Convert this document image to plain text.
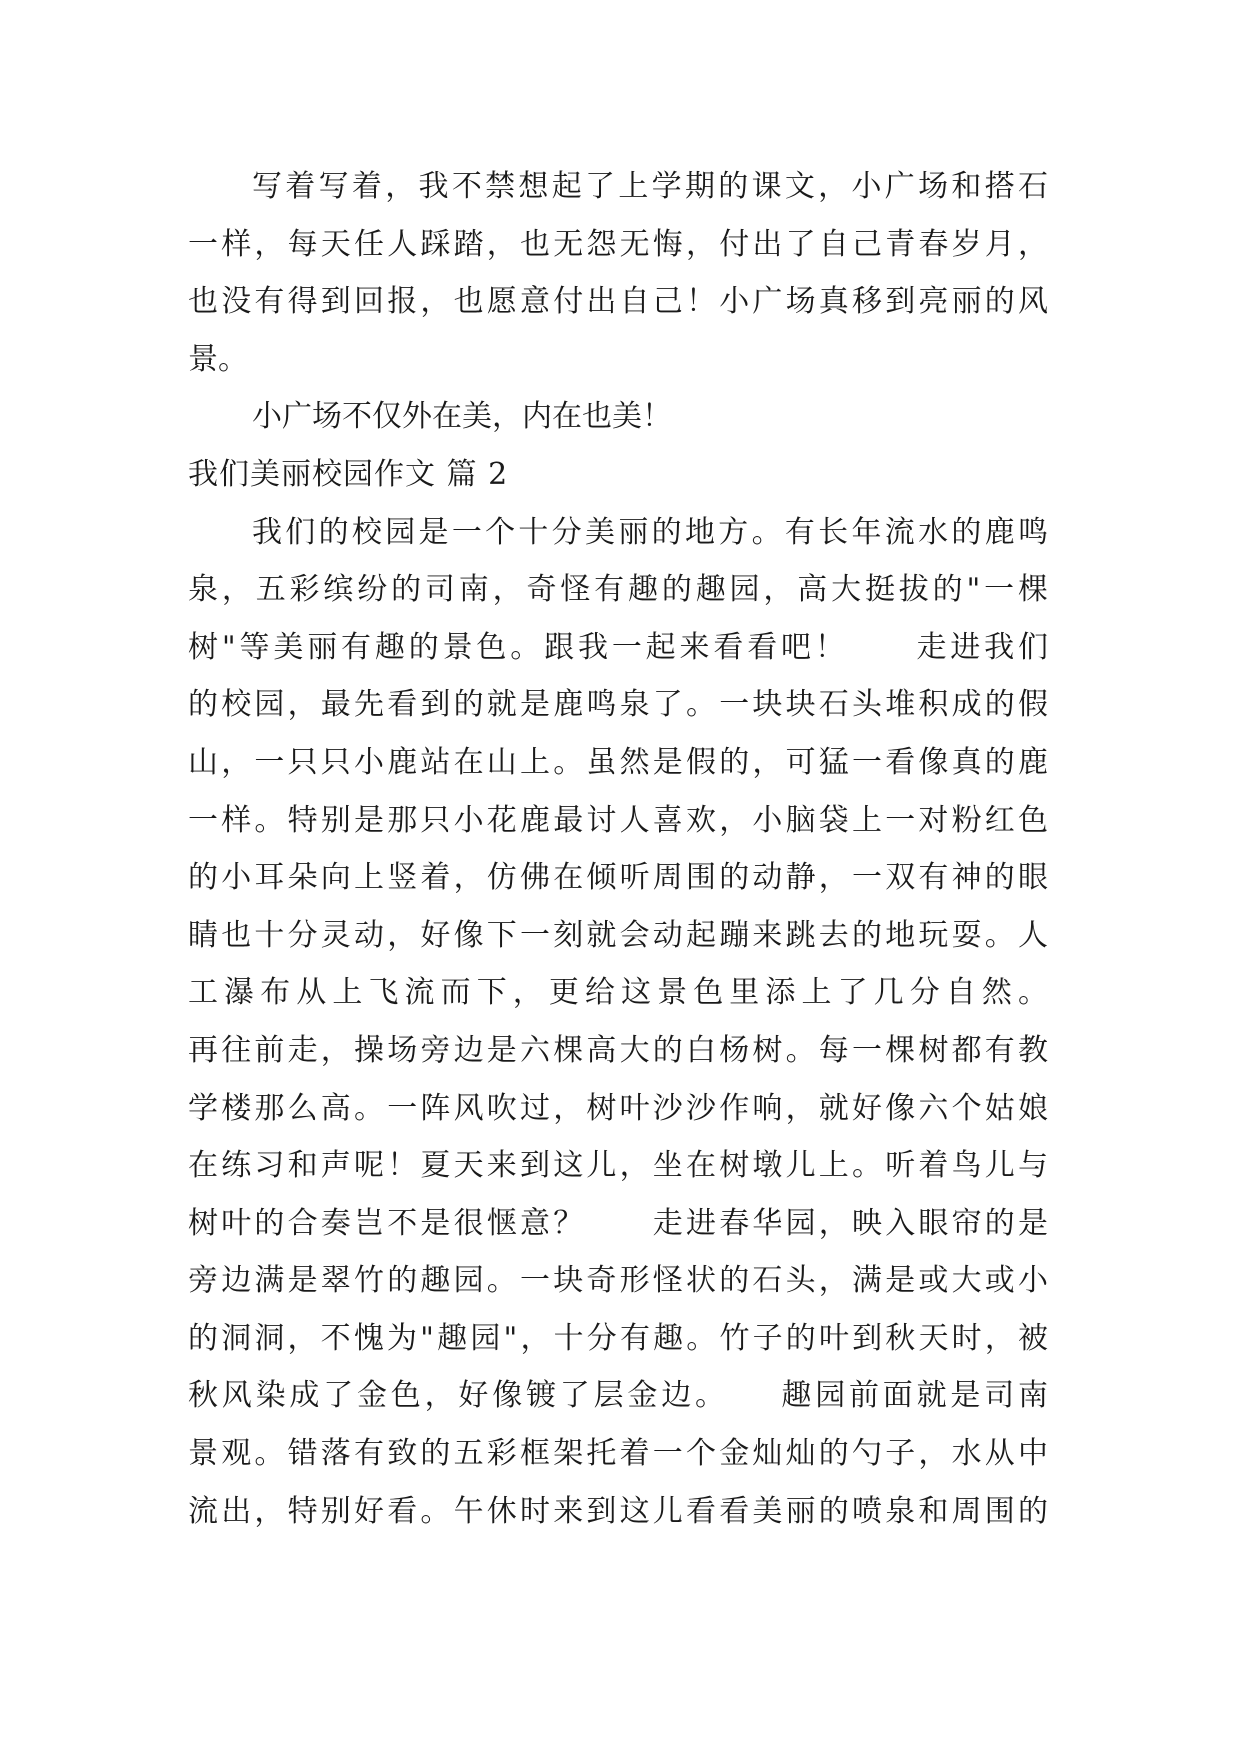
写着写着，我不禁想起了上学期的课文，小广场和搭石
一样，每天任人踩踏，也无怨无悔，付出了自己青春岁月，
也没有得到回报，也愿意付出自己！小广场真移到亮丽的风
景。
小广场不仅外在美，内在也美！
我们美丽校园作文 篇 2
我们的校园是一个十分美丽的地方。有长年流水的鹿鸣
泉，五彩缤纷的司南，奇怪有趣的趣园，高大挺拔的"一棵
树"等美丽有趣的景色。跟我一起来看看吧！　　走进我们
的校园，最先看到的就是鹿鸣泉了。一块块石头堆积成的假
山，一只只小鹿站在山上。虽然是假的，可猛一看像真的鹿
一样。特别是那只小花鹿最讨人喜欢，小脑袋上一对粉红色
的小耳朵向上竖着，仿佛在倾听周围的动静，一双有神的眼
睛也十分灵动，好像下一刻就会动起蹦来跳去的地玩耍。人
工瀑布从上飞流而下，更给这景色里添上了几分自然。
再往前走，操场旁边是六棵高大的白杨树。每一棵树都有教
学楼那么高。一阵风吹过，树叶沙沙作响，就好像六个姑娘
在练习和声呢！夏天来到这儿，坐在树墩儿上。听着鸟儿与
树叶的合奏岂不是很惬意？　　走进春华园，映入眼帘的是
旁边满是翠竹的趣园。一块奇形怪状的石头，满是或大或小
的洞洞，不愧为"趣园"，十分有趣。竹子的叶到秋天时，被
秋风染成了金色，好像镀了层金边。　　趣园前面就是司南
景观。错落有致的五彩框架托着一个金灿灿的勺子，水从中
流出，特别好看。午休时来到这儿看看美丽的喷泉和周围的
